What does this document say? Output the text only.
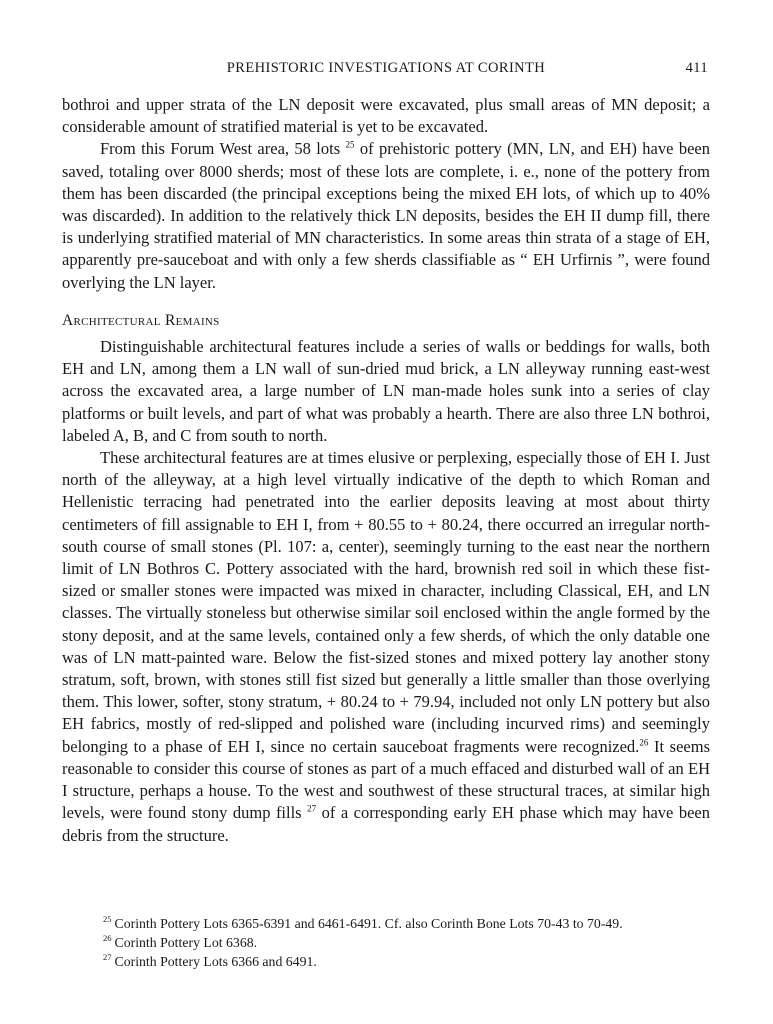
PREHISTORIC INVESTIGATIONS AT CORINTH	411

bothroi and upper strata of the LN deposit were excavated, plus small areas of MN deposit; a considerable amount of stratified material is yet to be excavated.

From this Forum West area, 58 lots $^{25}$ of prehistoric pottery (MN, LN, and EH) have been saved, totaling over 8000 sherds; most of these lots are complete, i. e., none of the pottery from them has been discarded (the principal exceptions being the mixed EH lots, of which up to 40% was discarded). In addition to the relatively thick LN deposits, besides the EH II dump fill, there is underlying stratified material of MN characteristics. In some areas thin strata of a stage of EH, apparently pre-sauceboat and with only a few sherds classifiable as “ EH Urfirnis ”, were found overlying the LN layer.

Architectural Remains

Distinguishable architectural features include a series of walls or beddings for walls, both EH and LN, among them a LN wall of sun-dried mud brick, a LN alleyway running east-west across the excavated area, a large number of LN man-made holes sunk into a series of clay platforms or built levels, and part of what was probably a hearth. There are also three LN bothroi, labeled A, B, and C from south to north.

These architectural features are at times elusive or perplexing, especially those of EH I. Just north of the alleyway, at a high level virtually indicative of the depth to which Roman and Hellenistic terracing had penetrated into the earlier deposits leaving at most about thirty centimeters of fill assignable to EH I, from + 80.55 to + 80.24, there occurred an irregular north-south course of small stones (Pl. 107: a, center), seemingly turning to the east near the northern limit of LN Bothros C. Pottery associated with the hard, brownish red soil in which these fist-sized or smaller stones were impacted was mixed in character, including Classical, EH, and LN classes. The virtually stoneless but otherwise similar soil enclosed within the angle formed by the stony deposit, and at the same levels, contained only a few sherds, of which the only datable one was of LN matt-painted ware. Below the fist-sized stones and mixed pottery lay another stony stratum, soft, brown, with stones still fist sized but generally a little smaller than those overlying them. This lower, softer, stony stratum, + 80.24 to + 79.94, included not only LN pottery but also EH fabrics, mostly of red-slipped and polished ware (including incurved rims) and seemingly belonging to a phase of EH I, since no certain sauceboat fragments were recognized.$^{26}$ It seems reasonable to consider this course of stones as part of a much effaced and disturbed wall of an EH I structure, perhaps a house. To the west and southwest of these structural traces, at similar high levels, were found stony dump fills $^{27}$ of a corresponding early EH phase which may have been debris from the structure.

$^{25}$ Corinth Pottery Lots 6365-6391 and 6461-6491. Cf. also Corinth Bone Lots 70-43 to 70-49.
$^{26}$ Corinth Pottery Lot 6368.
$^{27}$ Corinth Pottery Lots 6366 and 6491.
